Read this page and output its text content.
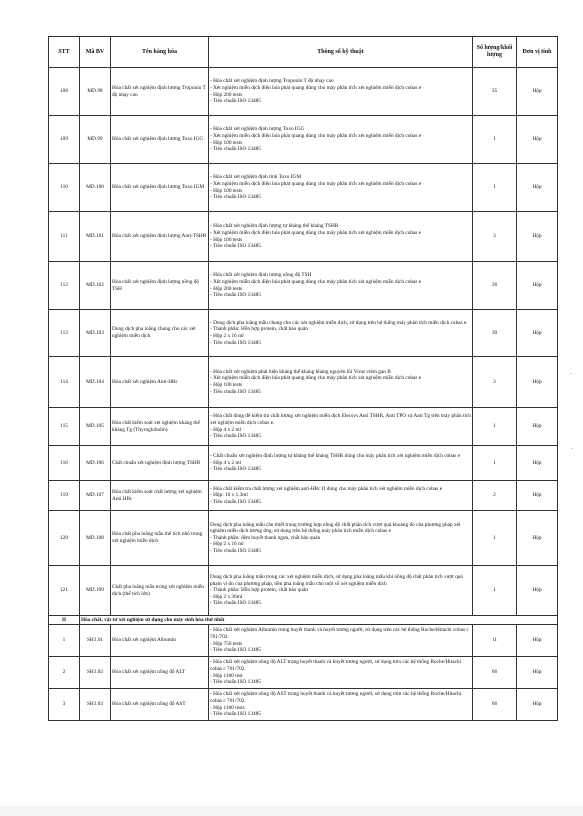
STT	Mã BV	Tên hàng hóa	Thông số kỹ thuật	Số lượng/khối lượng	Đơn vị tính
108	MD.98	Hóa chất xét nghiệm định lượng Troponin T độ nhạy cao	- Hóa chất xét nghiệm định lượng Troponin T độ nhạy cao
- Xét nghiệm miễn dịch điện hóa phát quang dùng cho máy phân tích xét nghiệm miễn dịch cobas e
- Hộp 200 tests
- Tiêu chuẩn ISO 13485	35	Hộp
109	MD.99	Hóa chất xét nghiệm định lượng Toxo IGG	- Hóa chất xét nghiệm định lượng Toxo IGG
- Xét nghiệm miễn dịch điện hóa phát quang dùng cho máy phân tích xét nghiệm miễn dịch cobas e
- Hộp 100 tests
- Tiêu chuẩn ISO 13485	1	Hộp
110	MD.100	Hóa chất xét nghiệm định lượng Toxo IGM	- Hóa chất xét nghiệm định tính Toxo IGM
- Xét nghiệm miễn dịch điện hóa phát quang dùng cho máy phân tích xét nghiệm miễn dịch cobas e
- Hộp 100 tests
- Tiêu chuẩn ISO 13485	1	Hộp
111	MD.101	Hóa chất xét nghiệm định lượng Anti-TSHR	- Hóa chất xét nghiệm định lượng tự kháng thể kháng TSHR
- Xét nghiệm miễn dịch điện hóa phát quang dùng cho máy phân tích xét nghiệm miễn dịch cobas e
- Hộp 100 tests
- Tiêu chuẩn ISO 13485	3	Hộp
112	MD.102	Hóa chất xét nghiệm định lượng nồng độ TSH	- Hóa chất xét nghiệm định lượng nồng độ TSH
- Xét nghiệm miễn dịch điện hóa phát quang dùng cho máy phân tích xét nghiệm miễn dịch cobas e
- Hộp 200 tests
- Tiêu chuẩn ISO 13485	36	Hộp
113	MD.103	Dung dịch pha loãng chung cho các xét nghiệm miễn dịch	- Dung dịch pha loãng mẫu chung cho các xét nghiệm miễn dịch, sử dụng trên hệ thống máy phân tích miễn dịch cobas e.
- Thành phần: Hỗn hợp protein, chất bảo quản
- Hộp 2 x 16 ml
- Tiêu chuẩn ISO 13485	30	Hộp
114	MD.104	Hóa chất xét nghiệm Anti-HBc	- Hóa chất xét nghiệm phát hiện kháng thể kháng kháng nguyên lõi Virus viêm gan B
- Xét nghiệm miễn dịch điện hóa phát quang dùng cho máy phân tích xét nghiệm miễn dịch cobas e
- Hộp 100 tests
- Tiêu chuẩn ISO 13485	3	Hộp
115	MD.105	Hóa chất kiểm soát xét nghiệm kháng thể kháng Tg (Thyroglobulin)	- Hóa chất dùng để kiểm tra chất lượng xét nghiệm miễn dịch Elecsys Anti TSHR, Anti TPO và Anti Tg trên máy phân tích xét nghiệm miễn dịch cobas e.
- Hộp 4 x 2 ml
- Tiêu chuẩn ISO 13485	1	Hộp
116	MD.106	Chất chuẩn xét nghiệm định lượng TSHR	- Chất chuẩn xét nghiệm định lượng tự kháng thể kháng TSHR dùng cho máy phân tích xét nghiệm miễn dịch cobas e
- Hộp 4 x 2 ml
- Tiêu chuẩn ISO 13485	1	Hộp
119	MD.107	Hóa chất kiểm soát chất lượng xét nghiệm Anti HBc	- Hóa chất kiểm tra chất lượng xét nghiệm anti-HBc II dùng cho máy phân tích xét nghiệm miễn dịch cobas e
- Hộp: 16 x 1.3ml
- Tiêu chuẩn ISO 13485	2	Hộp
120	MD.108	Hóa chất pha loãng mẫu thể tích nhỏ trong xét nghiệm miễn dịch	Dung dịch pha loãng mẫu cần thiết trong trường hợp nồng độ chất phân tích vượt quá khoảng đo của phương pháp xét nghiệm miễn dịch tương ứng, sử dụng trên hệ thống máy phân tích miễn dịch cobas e
- Thành phần: đệm huyết thanh ngựa, chất bảo quản
- Hộp 2 x 16 ml
- Tiêu chuẩn ISO 13485	1	Hộp
121	MD.109	Chất pha loãng mẫu trong xét nghiệm miễn dịch (thể tích lớn)	Dung dịch pha loãng mẫu trong các xét nghiệm miễn dịch, sử dụng pha loãng mẫu khi nồng độ chất phân tích vượt quá phạm vi đo của phương pháp, tiền pha loãng mẫu cho một số xét nghiệm miễn dịch
- Thành phần: Hỗn hợp protein, chất bảo quản
- Hộp 2 x 36ml
- Tiêu chuẩn ISO 13485	1	Hộp
II	Hóa chất, vật tư xét nghiệm sử dụng cho máy sinh hóa thứ nhất				
1	SH1.01	Hóa chất xét nghiệm Albumin	- Hóa chất xét nghiệm Albumin trong huyết thanh và huyết tương người, sử dụng trên các hệ thống Roche/Hitachi cobas c 701/702.
- Hộp 750 tests
- Tiêu chuẩn ISO 13485	11	Hộp
2	SH1.02	Hóa chất xét nghiệm nồng độ ALT	- Hóa chất xét nghiệm nồng độ ALT trong huyết thanh và huyết tương người, sử dụng trên các hệ thống Roche/Hitachi cobas c 701/702.
- Hộp 1100 test
- Tiêu chuẩn ISO 13485	66	Hộp
3	SH1.03	Hóa chất xét nghiệm nồng độ AST	- Hóa chất xét nghiệm nồng độ AST trong huyết thanh và huyết tương người, sử dụng trên các hệ thống Roche/Hitachi cobas c 701/702.
- Hộp 1100 tests
- Tiêu chuẩn ISO 13485	66	Hộp
-
-
